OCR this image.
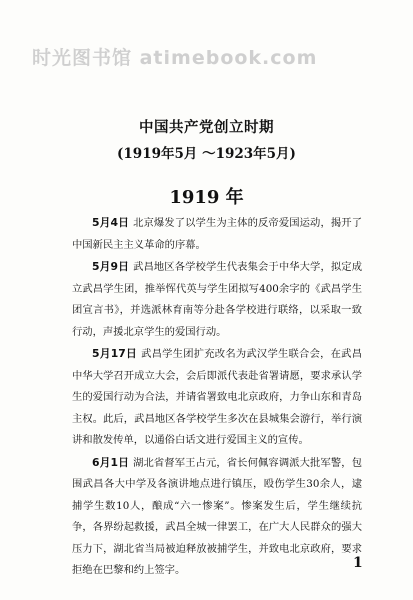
时光图书馆 atimebook.com
中国共产党创立时期
(1919年5月 ～1923年5月)
1919 年

5月4日 北京爆发了以学生为主体的反帝爱国运动，揭开了中国新民主主义革命的序幕。

5月9日 武昌地区各学校学生代表集会于中华大学，拟定成立武昌学生团，推举恽代英与学生团拟写400余字的《武昌学生团宣言书》，并选派林育南等分赴各学校进行联络，以采取一致行动，声援北京学生的爱国行动。

5月17日 武昌学生团扩充改名为武汉学生联合会，在武昌中华大学召开成立大会，会后即派代表赴省署请愿，要求承认学生的爱国行动为合法，并请省署致电北京政府，力争山东和青岛主权。此后，武昌地区各学校学生多次在县城集会游行，举行演讲和散发传单，以通俗白话文进行爱国主义的宣传。

6月1日 湖北省督军王占元，省长何佩容调派大批军警，包围武昌各大中学及各演讲地点进行镇压，殴伤学生30余人，逮捕学生数10人，酿成“六一惨案”。惨案发生后，学生继续抗争，各界纷起救援，武昌全城一律罢工，在广大人民群众的强大压力下，湖北省当局被迫释放被捕学生，并致电北京政府，要求拒绝在巴黎和约上签字。	1
